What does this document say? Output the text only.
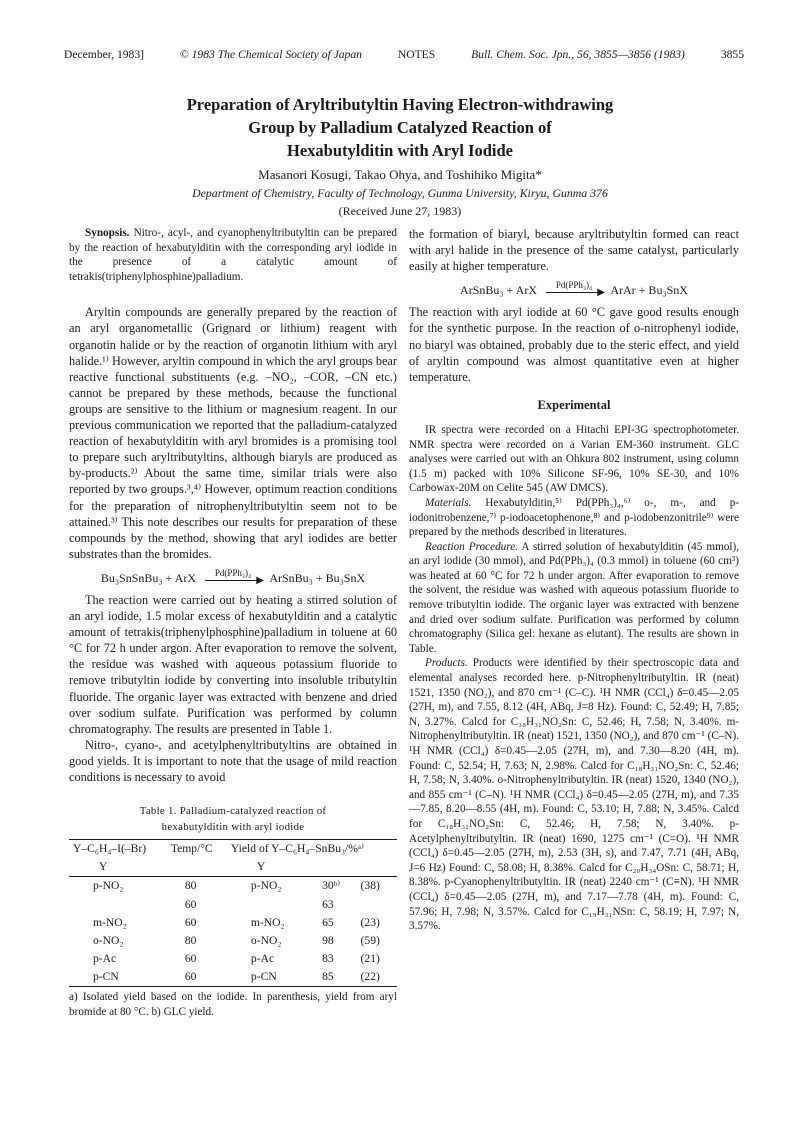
December, 1983]	© 1983 The Chemical Society of Japan	NOTES	Bull. Chem. Soc. Jpn., 56, 3855—3856 (1983)	3855
Preparation of Aryltributyltin Having Electron-withdrawing
Group by Palladium Catalyzed Reaction of
Hexabutylditin with Aryl Iodide
Masanori Kosugi, Takao Ohya, and Toshihiko Migita*
Department of Chemistry, Faculty of Technology, Gunma University, Kiryu, Gunma 376
(Received June 27, 1983)

Synopsis. Nitro-, acyl-, and cyanophenyltributyltin can be prepared by the reaction of hexabutylditin with the corresponding aryl iodide in the presence of a catalytic amount of tetrakis(triphenylphosphine)palladium.

Aryltin compounds are generally prepared by the reaction of an aryl organometallic (Grignard or lithium) reagent with organotin halide or by the reaction of organotin lithium with aryl halide.¹⁾ However, aryltin compound in which the aryl groups bear reactive functional substituents (e.g. –NO₂, –COR, –CN etc.) cannot be prepared by these methods, because the functional groups are sensitive to the lithium or magnesium reagent. In our previous communication we reported that the palladium-catalyzed reaction of hexabutylditin with aryl bromides is a promising tool to prepare such aryltributyltins, although biaryls are produced as by-products.²⁾ About the same time, similar trials were also reported by two groups.³,⁴⁾ However, optimum reaction conditions for the preparation of nitrophenyltributyltin seem not to be attained.³⁾ This note describes our results for preparation of these compounds by the method, showing that aryl iodides are better substrates than the bromides.

Bu₃SnSnBu₃ + ArX	Pd(PPh₃)₄
▶ ArSnBu₃ + Bu₃SnX

The reaction were carried out by heating a stirred solution of an aryl iodide, 1.5 molar excess of hexabutylditin and a catalytic amount of tetrakis(triphenylphosphine)palladium in toluene at 60 °C for 72 h under argon. After evaporation to remove the solvent, the residue was washed with aqueous potassium fluoride to remove tributyltin iodide by converting into insoluble tributyltin fluoride. The organic layer was extracted with benzene and dried over sodium sulfate. Purification was performed by column chromatography. The results are presented in Table 1.

Nitro-, cyano-, and acetylphenyltributyltins are obtained in good yields. It is important to note that the usage of mild reaction conditions is necessary to avoid

Table 1. Palladium-catalyzed reaction of
hexabutylditin with aryl iodide
Y–C₆H₄–I(–Br)	Temp/°C	Yield of Y–C₆H₄–SnBu₃/%ᵃ⁾		
Y		Y		
p-NO₂	80	p-NO₂	30ᵇ⁾	(38)
	60		63	
m-NO₂	60	m-NO₂	65	(23)
o-NO₂	80	o-NO₂	98	(59)
p-Ac	60	p-Ac	83	(21)
p-CN	60	p-CN	85	(22)

a) Isolated yield based on the iodide. In parenthesis, yield from aryl bromide at 80 °C. b) GLC yield.

the formation of biaryl, because aryltributyltin formed can react with aryl halide in the presence of the same catalyst, particularly easily at higher temperature.

ArSnBu₃ + ArX	Pd(PPh₃)₄
▶ ArAr + Bu₃SnX

The reaction with aryl iodide at 60 °C gave good results enough for the synthetic purpose. In the reaction of o-nitrophenyl iodide, no biaryl was obtained, probably due to the steric effect, and yield of aryltin compound was almost quantitative even at higher temperature.

Experimental

IR spectra were recorded on a Hitachi EPI-3G spectrophotometer. NMR spectra were recorded on a Varian EM-360 instrument. GLC analyses were carried out with an Ohkura 802 instrument, using column (1.5 m) packed with 10% Silicone SF-96, 10% SE-30, and 10% Carbowax-20M on Celite 545 (AW DMCS).

Materials. Hexabutylditin,⁵⁾ Pd(PPh₃)₄,⁶⁾ o-, m-, and p-iodonitrobenzene,⁷⁾ p-iodoacetophenone,⁸⁾ and p-iodobenzonitrile⁹⁾ were prepared by the methods described in literatures.

Reaction Procedure. A stirred solution of hexabutylditin (45 mmol), an aryl iodide (30 mmol), and Pd(PPh₃)₄ (0.3 mmol) in toluene (60 cm³) was heated at 60 °C for 72 h under argon. After evaporation to remove the solvent, the residue was washed with aqueous potassium fluoride to remove tributyltin iodide. The organic layer was extracted with benzene and dried over sodium sulfate. Purification was performed by column chromatography (Silica gel: hexane as elutant). The results are shown in Table.

Products. Products were identified by their spectroscopic data and elemental analyses recorded here. p-Nitrophenyltributyltin. IR (neat) 1521, 1350 (NO₂), and 870 cm⁻¹ (C–C). ¹H NMR (CCl₄) δ=0.45—2.05 (27H, m), and 7.55, 8.12 (4H, ABq, J=8 Hz). Found: C, 52.49; H, 7.85; N, 3.27%. Calcd for C₁₈H₃₁NO₂Sn: C, 52.46; H, 7.58; N, 3.40%. m-Nitrophenyltributyltin. IR (neat) 1521, 1350 (NO₂), and 870 cm⁻¹ (C–N). ¹H NMR (CCl₄) δ=0.45—2.05 (27H, m), and 7.30—8.20 (4H, m). Found: C, 52.54; H, 7.63; N, 2.98%. Calcd for C₁₈H₃₁NO₂Sn: C, 52.46; H, 7.58; N, 3.40%. o-Nitrophenyltributyltin. IR (neat) 1520, 1340 (NO₂), and 855 cm⁻¹ (C–N). ¹H NMR (CCl₄) δ=0.45—2.05 (27H, m), and 7.35—7.85, 8.20—8.55 (4H, m). Found: C, 53.10; H, 7.88; N, 3.45%. Calcd for C₁₈H₃₁NO₂Sn: C, 52.46; H, 7.58; N, 3.40%. p-Acetylphenyltributyltin. IR (neat) 1690, 1275 cm⁻¹ (C=O). ¹H NMR (CCl₄) δ=0.45—2.05 (27H, m), 2.53 (3H, s), and 7.47, 7.71 (4H, ABq, J=6 Hz) Found: C, 58.08; H, 8.38%. Calcd for C₂₀H₃₄OSn: C, 58.71; H, 8.38%. p-Cyanophenyltributyltin. IR (neat) 2240 cm⁻¹ (C≡N). ¹H NMR (CCl₄) δ=0.45—2.05 (27H, m), and 7.17—7.78 (4H, m). Found: C, 57.96; H, 7.98; N, 3.57%. Calcd for C₁₉H₃₁NSn: C, 58.19; H, 7.97; N, 3.57%.
